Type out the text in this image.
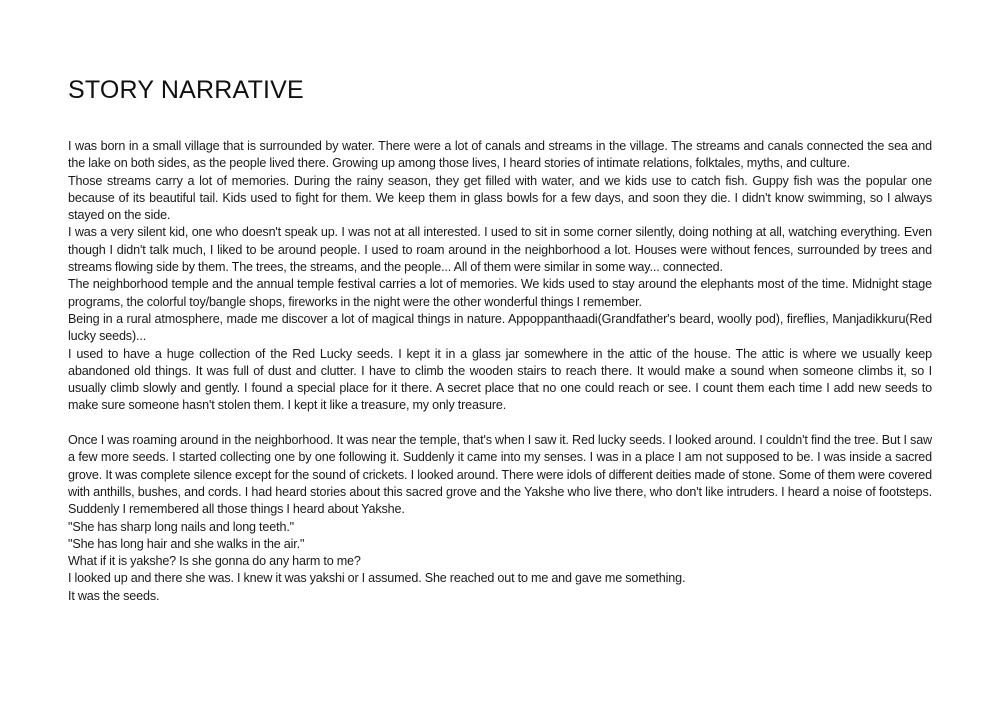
STORY NARRATIVE

I was born in a small village that is surrounded by water. There were a lot of canals and streams in the village. The streams and canals connected the sea and the lake on both sides, as the people lived there. Growing up among those lives, I heard stories of intimate relations, folktales, myths, and culture.

Those streams carry a lot of memories. During the rainy season, they get filled with water, and we kids use to catch fish. Guppy fish was the popular one because of its beautiful tail. Kids used to fight for them. We keep them in glass bowls for a few days, and soon they die. I didn't know swimming, so I always stayed on the side.

I was a very silent kid, one who doesn't speak up. I was not at all interested. I used to sit in some corner silently, doing nothing at all, watching everything. Even though I didn't talk much, I liked to be around people. I used to roam around in the neighborhood a lot. Houses were without fences, surrounded by trees and streams flowing side by them. The trees, the streams, and the people... All of them were similar in some way... connected.

The neighborhood temple and the annual temple festival carries a lot of memories. We kids used to stay around the elephants most of the time. Midnight stage programs, the colorful toy/bangle shops, fireworks in the night were the other wonderful things I remember.

Being in a rural atmosphere, made me discover a lot of magical things in nature. Appoppanthaadi(Grandfather's beard, woolly pod), fireflies, Manjadikkuru(Red lucky seeds)...

I used to have a huge collection of the Red Lucky seeds. I kept it in a glass jar somewhere in the attic of the house. The attic is where we usually keep abandoned old things. It was full of dust and clutter. I have to climb the wooden stairs to reach there. It would make a sound when someone climbs it, so I usually climb slowly and gently. I found a special place for it there. A secret place that no one could reach or see. I count them each time I add new seeds to make sure someone hasn't stolen them. I kept it like a treasure, my only treasure.

Once I was roaming around in the neighborhood. It was near the temple, that's when I saw it. Red lucky seeds. I looked around. I couldn't find the tree. But I saw a few more seeds. I started collecting one by one following it. Suddenly it came into my senses. I was in a place I am not supposed to be. I was inside a sacred grove. It was complete silence except for the sound of crickets. I looked around. There were idols of different deities made of stone. Some of them were covered with anthills, bushes, and cords. I had heard stories about this sacred grove and the Yakshe who live there, who don't like intruders. I heard a noise of footsteps. Suddenly I remembered all those things I heard about Yakshe.

"She has sharp long nails and long teeth."

"She has long hair and she walks in the air."

What if it is yakshe? Is she gonna do any harm to me?

I looked up and there she was. I knew it was yakshi or I assumed. She reached out to me and gave me something.

It was the seeds.
